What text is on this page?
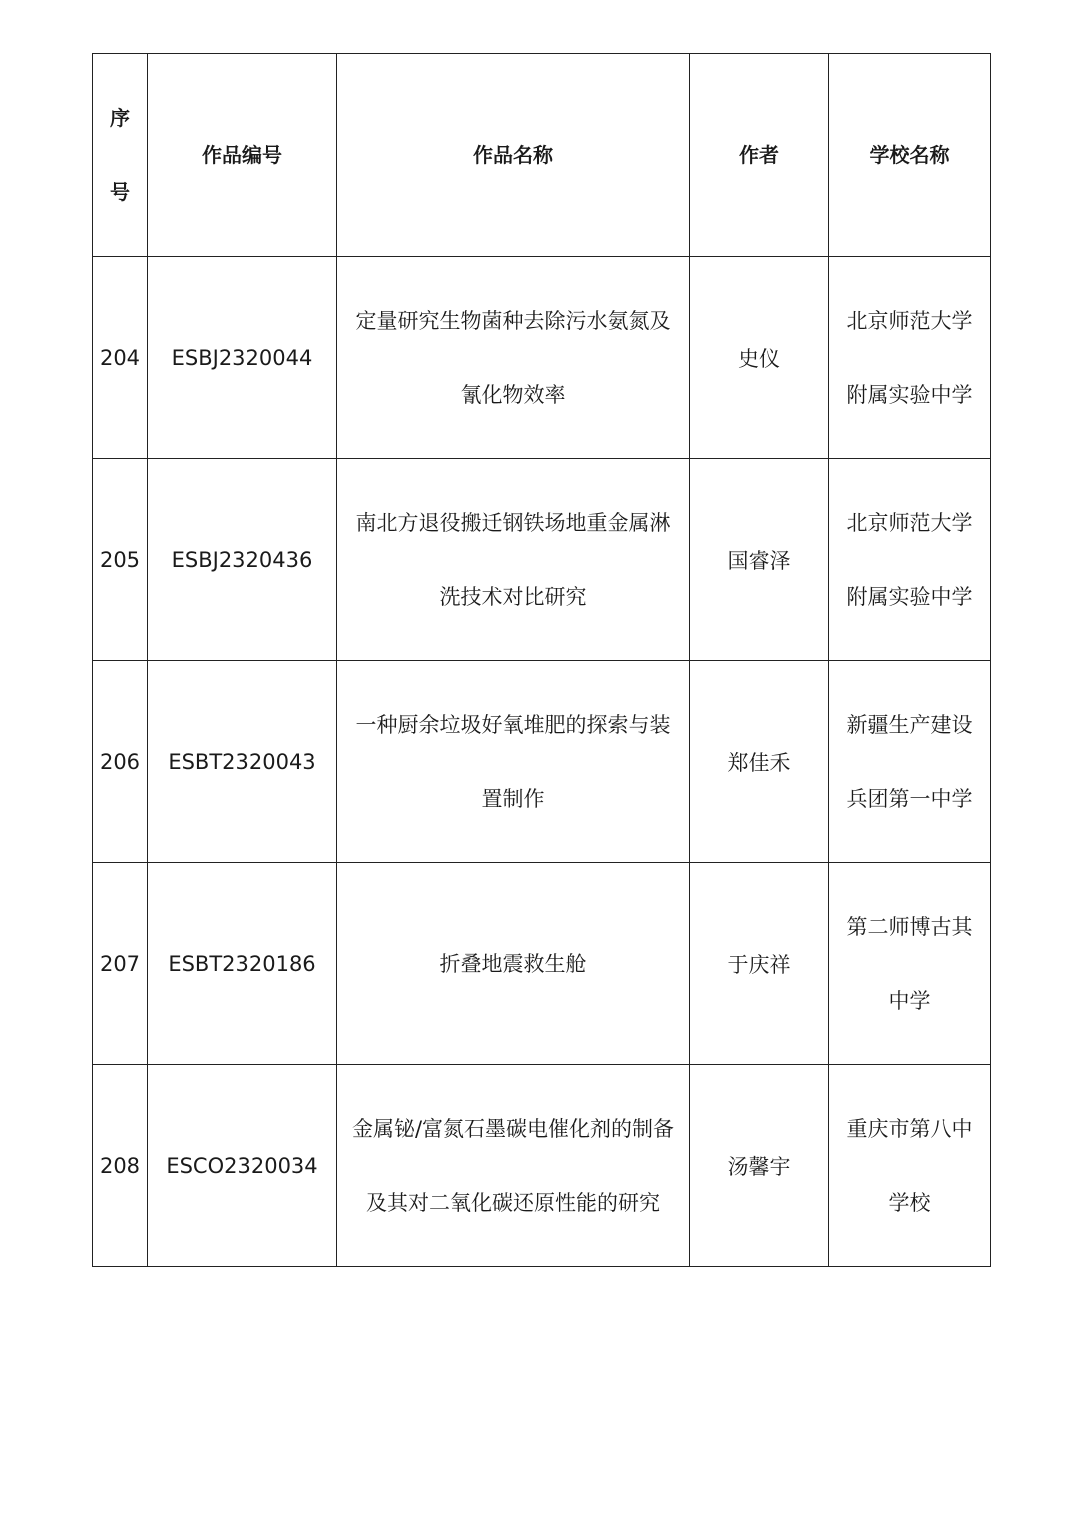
序号	作品编号	作品名称	作者	学校名称
204	ESBJ2320044	定量研究生物菌种去除污水氨氮及氰化物效率	史仪	北京师范大学附属实验中学
205	ESBJ2320436	南北方退役搬迁钢铁场地重金属淋洗技术对比研究	国睿泽	北京师范大学附属实验中学
206	ESBT2320043	一种厨余垃圾好氧堆肥的探索与装置制作	郑佳禾	新疆生产建设兵团第一中学
207	ESBT2320186	折叠地震救生舱	于庆祥	第二师博古其中学
208	ESCO2320034	金属铋/富氮石墨碳电催化剂的制备及其对二氧化碳还原性能的研究	汤馨宇	重庆市第八中学校
